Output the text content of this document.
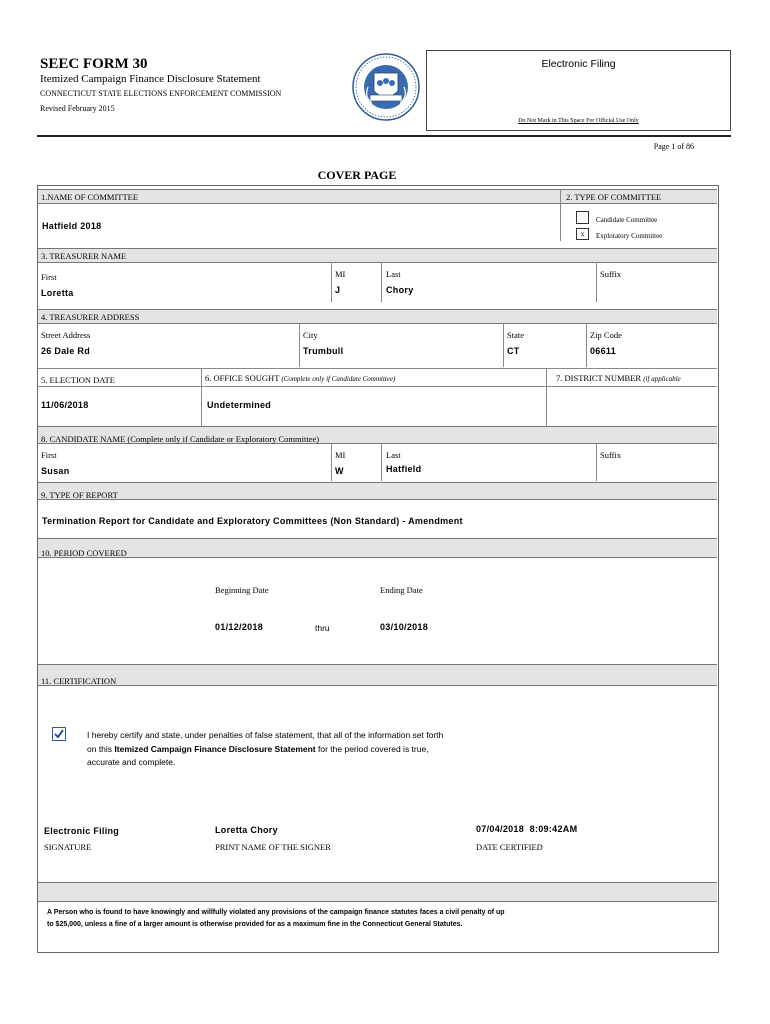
SEEC FORM 30
Itemized Campaign Finance Disclosure Statement
CONNECTICUT STATE ELECTIONS ENFORCEMENT COMMISSION
Revised February 2015
Electronic Filing
Do Not Mark in This Space For Official Use Only
Page 1 of 86
COVER PAGE
1.NAME OF COMMITTEE	2. TYPE OF COMMITTEE
Hatfield 2018
Candidate Committee
x	Exploratory Committee
3. TREASURER NAME
First
Loretta
MI
J
Last
Chory
Suffix
4. TREASURER ADDRESS
Street Address
26 Dale Rd
City
Trumbull
State
CT
Zip Code
06611
5. ELECTION DATE
11/06/2018
6. OFFICE SOUGHT (Complete only if Candidate Committee)
Undetermined
7. DISTRICT NUMBER (if applicable
8. CANDIDATE NAME (Complete only if Candidate or Exploratory Committee)
First
Susan
MI
W
Last
Hatfield
Suffix
9. TYPE OF REPORT
Termination Report for Candidate and Exploratory Committees (Non Standard) - Amendment
10. PERIOD COVERED
Beginning Date	Ending Date
01/12/2018	thru	03/10/2018
11. CERTIFICATION
I hereby certify and state, under penalties of false statement, that all of the information set forth
on this Itemized Campaign Finance Disclosure Statement for the period covered is true,
accurate and complete.
Electronic Filing
SIGNATURE
Loretta Chory
PRINT NAME OF THE SIGNER
07/04/2018  8:09:42AM
DATE CERTIFIED
A Person who is found to have knowingly and willfully violated any provisions of the campaign finance statutes faces a civil penalty of up
to $25,000, unless a fine of a larger amount is otherwise provided for as a maximum fine in the Connecticut General Statutes.
